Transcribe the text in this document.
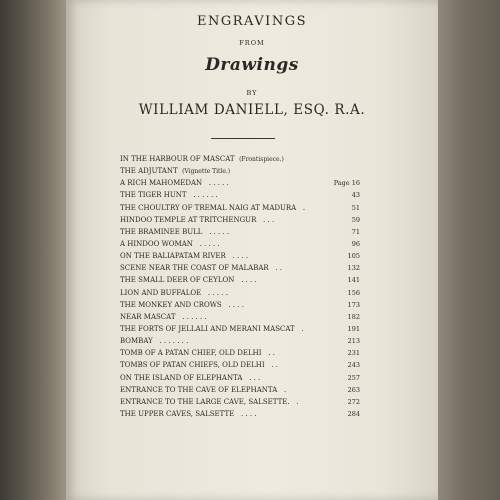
ENGRAVINGS
FROM
Drawings
BY
WILLIAM DANIELL, ESQ. R.A.
IN THE HARBOUR OF MASCAT (Frontispiece.)
THE ADJUTANT (Vignette Title.)
A RICH MAHOMEDAN . . . . .	Page 16
THE TIGER HUNT . . . . . .	43
THE CHOULTRY OF TREMAL NAIG AT MADURA .	51
HINDOO TEMPLE AT TRITCHENGUR . . .	59
THE BRAMINEE BULL . . . . .	71
A HINDOO WOMAN . . . . .	96
ON THE BALIAPATAM RIVER . . . .	105
SCENE NEAR THE COAST OF MALABAR . .	132
THE SMALL DEER OF CEYLON . . . .	141
LION AND BUFFALOE . . . . .	156
THE MONKEY AND CROWS . . . .	173
NEAR MASCAT . . . . . .	182
THE FORTS OF JELLALI AND MERANI MASCAT .	191
BOMBAY . . . . . . .	213
TOMB OF A PATAN CHIEF, OLD DELHI . .	231
TOMBS OF PATAN CHIEFS, OLD DELHI . .	243
ON THE ISLAND OF ELEPHANTA . . .	257
ENTRANCE TO THE CAVE OF ELEPHANTA .	263
ENTRANCE TO THE LARGE CAVE, SALSETTE. .	272
THE UPPER CAVES, SALSETTE . . . .	284
